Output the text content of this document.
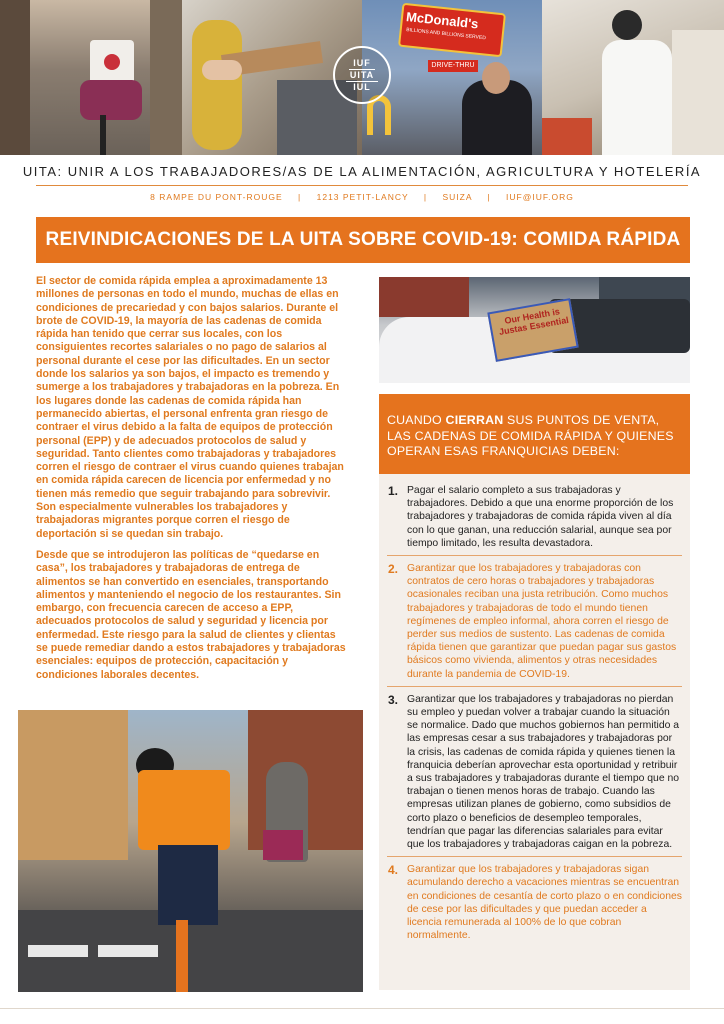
McDonald's
BILLIONS AND BILLIONS SERVED
DRIVE-THRU
IUF
UITA
IUL
UITA: UNIR A LOS TRABAJADORES/AS DE LA ALIMENTACIÓN, AGRICULTURA Y HOTELERÍA
8 RAMPE DU PONT-ROUGE | 1213 PETIT-LANCY | SUIZA | IUF@IUF.ORG
REIVINDICACIONES DE LA UITA SOBRE COVID-19: COMIDA RÁPIDA

El sector de comida rápida emplea a aproximadamente 13 millones de personas en todo el mundo, muchas de ellas en condiciones de precariedad y con bajos salarios. Durante el brote de COVID-19, la mayoría de las cadenas de comida rápida han tenido que cerrar sus locales, con los consiguientes recortes salariales o no pago de salarios al personal durante el cese por las dificultades. En un sector donde los salarios ya son bajos, el impacto es tremendo y sumerge a los trabajadores y trabajadoras en la pobreza. En los lugares donde las cadenas de comida rápida han permanecido abiertas, el personal enfrenta gran riesgo de contraer el virus debido a la falta de equipos de protección personal (EPP) y de adecuados protocolos de salud y seguridad. Tanto clientes como trabajadoras y trabajadores corren el riesgo de contraer el virus cuando quienes trabajan en comida rápida carecen de licencia por enfermedad y no tienen más remedio que seguir trabajando para sobrevivir. Son especialmente vulnerables los trabajadores y trabajadoras migrantes porque corren el riesgo de deportación si se quedan sin trabajo.

Desde que se introdujeron las políticas de “quedarse en casa”, los trabajadores y trabajadoras de entrega de alimentos se han convertido en esenciales, transportando alimentos y manteniendo el negocio de los restaurantes. Sin embargo, con frecuencia carecen de acceso a EPP, adecuados protocolos de salud y seguridad y licencia por enfermedad. Este riesgo para la salud de clientes y clientas se puede remediar dando a estos trabajadores y trabajadoras esenciales: equipos de protección, capacitación y condiciones laborales decentes.

Our Health is Justas Essential
CUANDO CIERRAN SUS PUNTOS DE VENTA, LAS CADENAS DE COMIDA RÁPIDA Y QUIENES OPERAN ESAS FRANQUICIAS DEBEN:
1. Pagar el salario completo a sus trabajadoras y trabajadores. Debido a que una enorme proporción de los trabajadores y trabajadoras de comida rápida viven al día con lo que ganan, una reducción salarial, aunque sea por tiempo limitado, les resulta devastadora.

2. Garantizar que los trabajadores y trabajadoras con contratos de cero horas o trabajadores y trabajadoras ocasionales reciban una justa retribución. Como muchos trabajadores y trabajadoras de todo el mundo tienen regímenes de empleo informal, ahora corren el riesgo de perder sus medios de sustento. Las cadenas de comida rápida tienen que garantizar que puedan pagar sus gastos básicos como vivienda, alimentos y otras necesidades durante la pandemia de COVID-19.

3. Garantizar que los trabajadores y trabajadoras no pierdan su empleo y puedan volver a trabajar cuando la situación se normalice. Dado que muchos gobiernos han permitido a las empresas cesar a sus trabajadores y trabajadoras por la crisis, las cadenas de comida rápida y quienes tienen la franquicia deberían aprovechar esta oportunidad y retribuir a sus trabajadores y trabajadoras durante el tiempo que no trabajan o tienen menos horas de trabajo. Cuando las empresas utilizan planes de gobierno, como subsidios de corto plazo o beneficios de desempleo temporales, tendrían que pagar las diferencias salariales para evitar que los trabajadores y trabajadoras caigan en la pobreza.

4. Garantizar que los trabajadores y trabajadoras sigan acumulando derecho a vacaciones mientras se encuentran en condiciones de cesantía de corto plazo o en condiciones de cese por las dificultades y que puedan acceder a licencia remunerada al 100% de lo que cobran normalmente.
